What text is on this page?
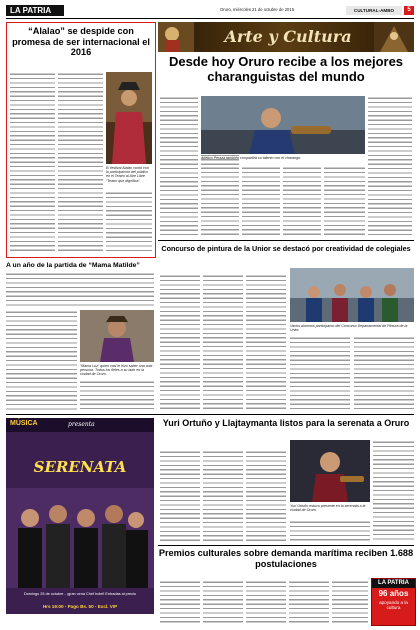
LA PATRIA	Oruro, miércoles 21 de octubre de 2015	CULTURAL-AMBO	5
“Alalao” se despide con promesa de ser internacional el 2016
El festival Alalao contó con la participación del público en el Teatro al Aire Libre “Teatro que dignifica”.
Arte y Cultura
Desde hoy Oruro recibe a los mejores charanguistas del mundo
Atlético Peraza también compartirá su talento con el charango.
A un año de la partida de “Mama Matilde”
“Mama Luz” quien casi le hizo saber una sola persona. Todos los fieles a su lado en la ciudad de Oruro.
Concurso de pintura de la Unior se destacó por creatividad de colegiales
Varios alumnos participaron del Concurso Departamental de Pintura de la Unior.
Yuri Ortuño y Llajtaymanta listos para la serenata a Oruro
MÚSICA	presenta
SERENATA
Domingo 25 de octubre - ¡gran cena Chef hotel! Entradas al precio
Hrs 19:00 - Pago Bs. 50 - Excl. VIP
Yuri Ortuño estuvo presente en la serenata a la ciudad de Oruro.
Premios culturales sobre demanda marítima reciben 1.688 postulaciones
LA PATRIA
96 años
apoyando a la cultura
